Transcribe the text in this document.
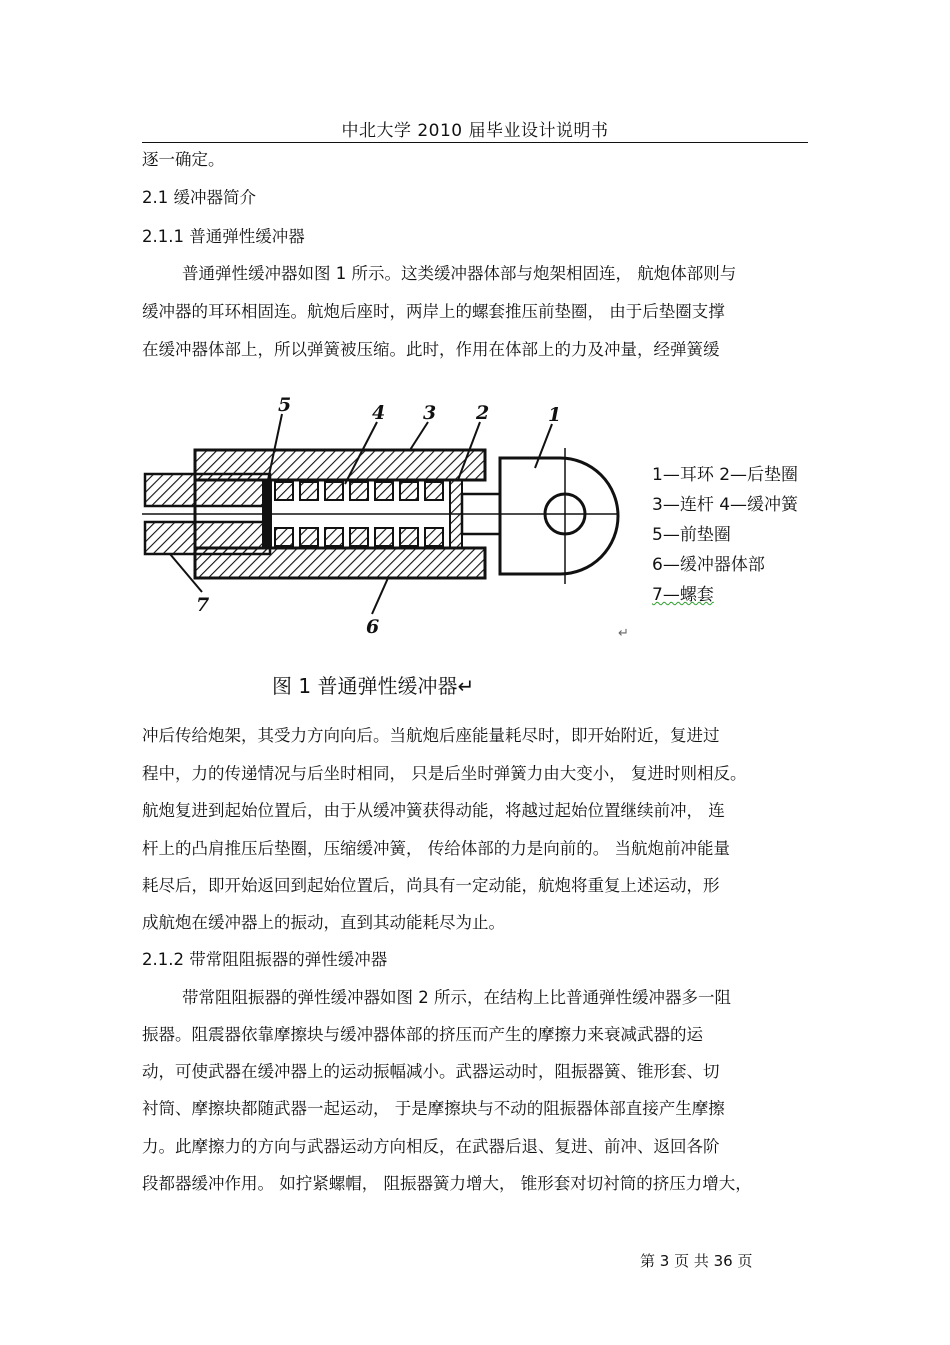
中北大学 2010 届毕业设计说明书
逐一确定。
2.1 缓冲器简介
2.1.1 普通弹性缓冲器
普通弹性缓冲器如图 1 所示。这类缓冲器体部与炮架相固连， 航炮体部则与
缓冲器的耳环相固连。航炮后座时，两岸上的螺套推压前垫圈， 由于后垫圈支撑
在缓冲器体部上，所以弹簧被压缩。此时，作用在体部上的力及冲量，经弹簧缓
5	4 3 2	1
7
6
1—耳环 2—后垫圈
3—连杆 4—缓冲簧
5—前垫圈
6—缓冲器体部
7—螺套
↵
图 1 普通弹性缓冲器↵
冲后传给炮架，其受力方向向后。当航炮后座能量耗尽时，即开始附近，复进过
程中，力的传递情况与后坐时相同， 只是后坐时弹簧力由大变小， 复进时则相反。
航炮复进到起始位置后，由于从缓冲簧获得动能，将越过起始位置继续前冲， 连
杆上的凸肩推压后垫圈，压缩缓冲簧， 传给体部的力是向前的。 当航炮前冲能量
耗尽后，即开始返回到起始位置后，尚具有一定动能，航炮将重复上述运动，形
成航炮在缓冲器上的振动，直到其动能耗尽为止。
2.1.2 带常阻阻振器的弹性缓冲器
带常阻阻振器的弹性缓冲器如图 2 所示，在结构上比普通弹性缓冲器多一阻
振器。阻震器依靠摩擦块与缓冲器体部的挤压而产生的摩擦力来衰减武器的运
动，可使武器在缓冲器上的运动振幅减小。武器运动时，阻振器簧、锥形套、切
衬筒、摩擦块都随武器一起运动， 于是摩擦块与不动的阻振器体部直接产生摩擦
力。此摩擦力的方向与武器运动方向相反，在武器后退、复进、前冲、返回各阶
段都器缓冲作用。 如拧紧螺帽， 阻振器簧力增大， 锥形套对切衬筒的挤压力增大，
第 3 页 共 36 页
